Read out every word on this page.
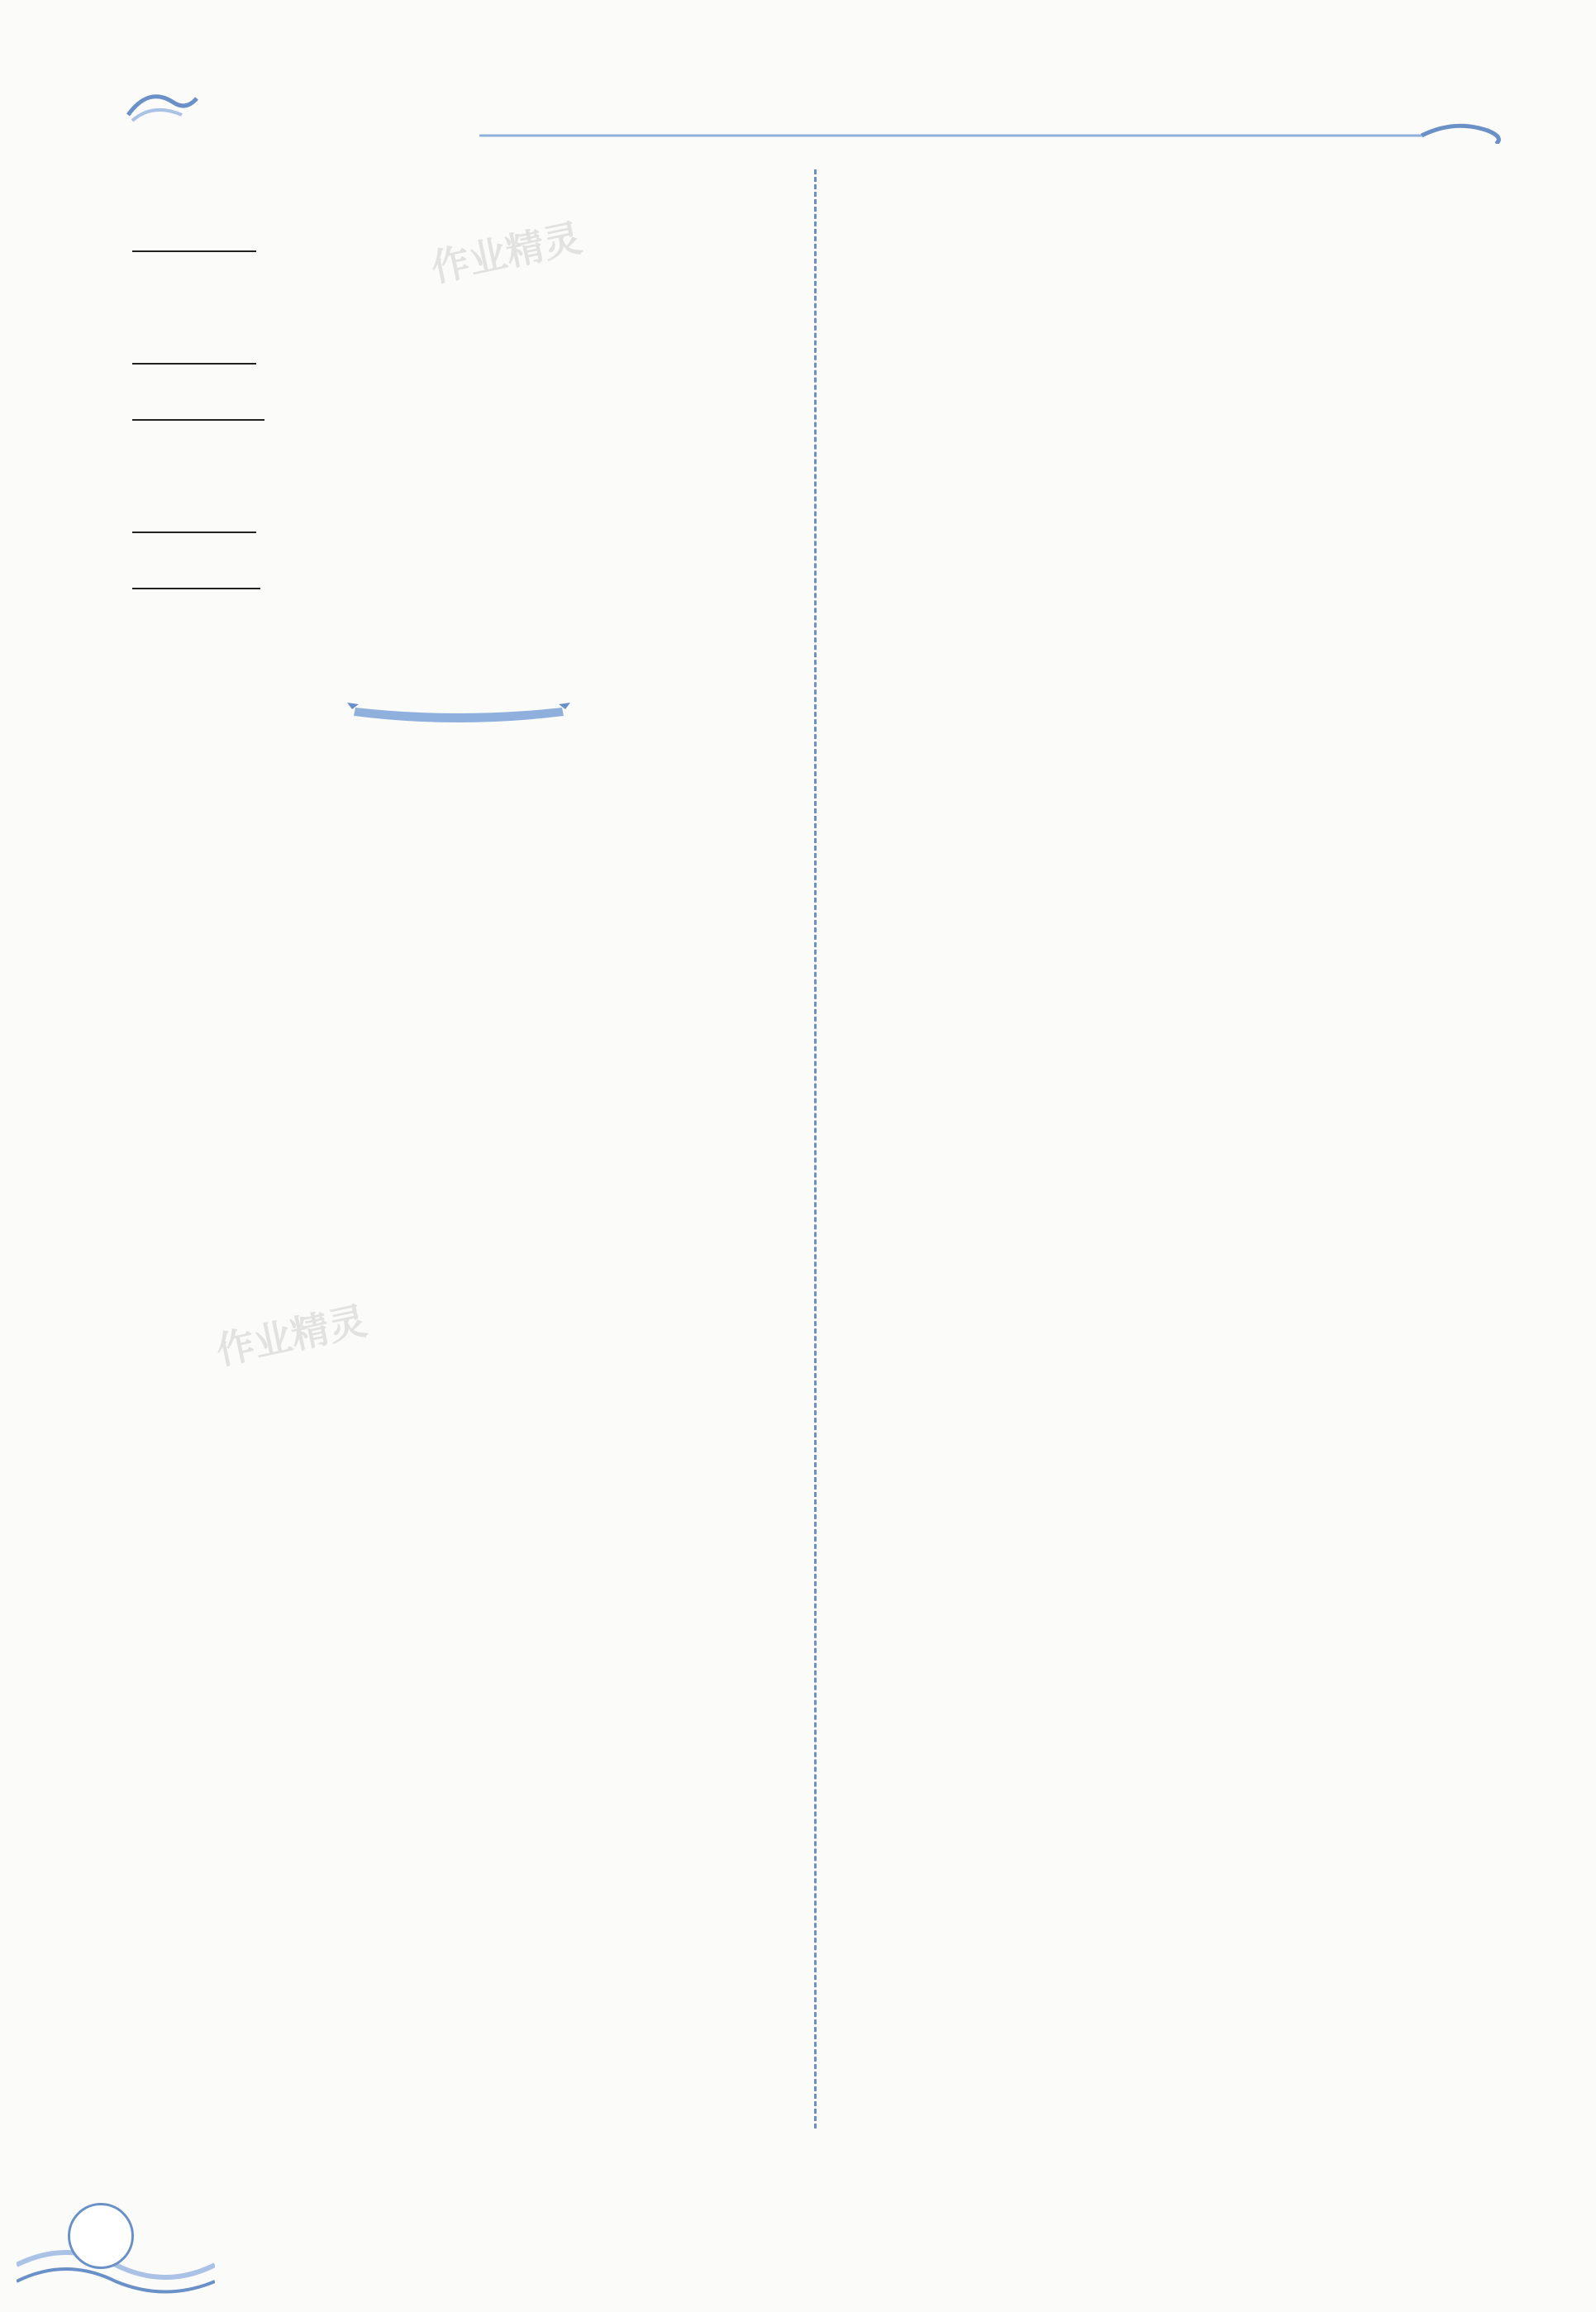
作业精灵
作业精灵
